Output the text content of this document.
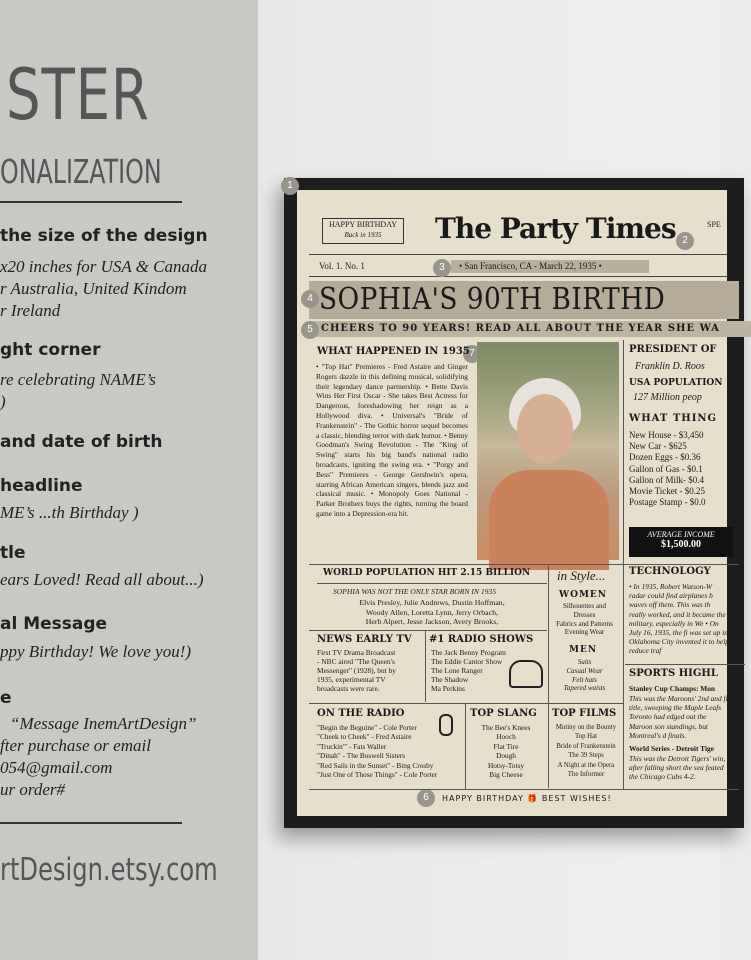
STER
ONALIZATION
the size of the design
x20 inches for USA & Canada
r Australia, United Kindom
r Ireland
ght corner
re celebrating NAME’s
)
and date of birth
headline
ME’s ...th Birthday )
tle
ears Loved! Read all about...)
al Message
ppy Birthday! We love you!)
e
“Message InemArtDesign”
fter purchase or email
054@gmail.com
ur order#
rtDesign.etsy.com
HAPPY BIRTHDAY
Back in 1935	The Party Times	SPE
Vol. 1. No. 1	• San Francisco, CA - March 22, 1935 •
SOPHIA'S 90TH BIRTHD
CHEERS TO 90 YEARS! READ ALL ABOUT THE YEAR SHE WA
1
2
3
4
5
6
7
WHAT HAPPENED IN 1935
• "Top Hat" Premieres - Fred Astaire and Ginger Rogers dazzle in this defining musical, solidifying their legendary dance partnership. • Bette Davis Wins Her First Oscar - She takes Best Actress for Dangerous, foreshadowing her reign as a Hollywood diva. • Universal's "Bride of Frankenstein" - The Gothic horror sequel becomes a classic, blending terror with dark humor. • Benny Goodman's Swing Revolution - The "King of Swing" starts his big band's national radio broadcasts, igniting the swing era. • "Porgy and Bess" Premieres - George Gershwin's opera, starring African American singers, blends jazz and classical music. • Monopoly Goes National - Parker Brothers buys the rights, turning the board game into a Depression-era hit.
PRESIDENT OF
Franklin D. Roos
USA POPULATION
127 Million peop
WHAT THING
New House - $3,450
New Car - $625
Dozen Eggs - $0.36
Gallon of Gas - $0.1
Gallon of Milk- $0.4
Movie Ticket - $0.25
Postage Stamp - $0.0
AVERAGE INCOME
$1,500.00
WORLD POPULATION HIT 2.15 BILLION
SOPHIA WAS NOT THE ONLY STAR BORN IN 1935
Elvis Presley, Julie Andrews, Dustin Hoffman,
Woody Allen, Loretta Lynn, Jerry Orbach,
Herb Alpert, Jesse Jackson, Avery Brooks,
in Style...
WOMEN
Silhouettes and
Dresses
Fabrics and Patterns
Evening Wear
MEN
Suits
Casual Wear
Felt hats
Tapered waists
TECHNOLOGY
• In 1935, Robert Watson-W radar could find airplanes b waves off them. This was th really worked, and it became the military, especially in We • On July 16, 1935, the fi was set up in Oklahoma City invented it to help reduce traf
NEWS EARLY TV
First TV Drama Broadcast
- NBC aired "The Queen's
Messenger" (1928), but by
1935, experimental TV
broadcasts were rare.
#1 RADIO SHOWS
The Jack Benny Program
The Eddie Cantor Show
The Lone Ranger
The Shadow
Ma Perkins
SPORTS HIGHL
Stanley Cup Champs: Mon
This was the Maroons' 2nd and fi title, sweeping the Maple Leafs Toronto had edged out the Maroon son standings, but Montreal's d finals.
World Series - Detroit Tige
This was the Detroit Tigers' win, after falling short the sea feated the Chicago Cubs 4-2.
ON THE RADIO
"Begin the Beguine" - Cole Porter
"Cheek to Cheek" - Fred Astaire
"Truckin'" - Fats Waller
"Dinah" - The Boswell Sisters
"Red Sails in the Sunset" - Bing Crosby
"Just One of Those Things" - Cole Porter
TOP SLANG
The Bee's Knees
Hooch
Flat Tire
Dough
Hotsy-Totsy
Big Cheese
TOP FILMS
Mutiny on the Bounty
Top Hat
Bride of Frankenstein
The 39 Steps
A Night at the Opera
The Informer
HAPPY BIRTHDAY 🎁 BEST WISHES!
